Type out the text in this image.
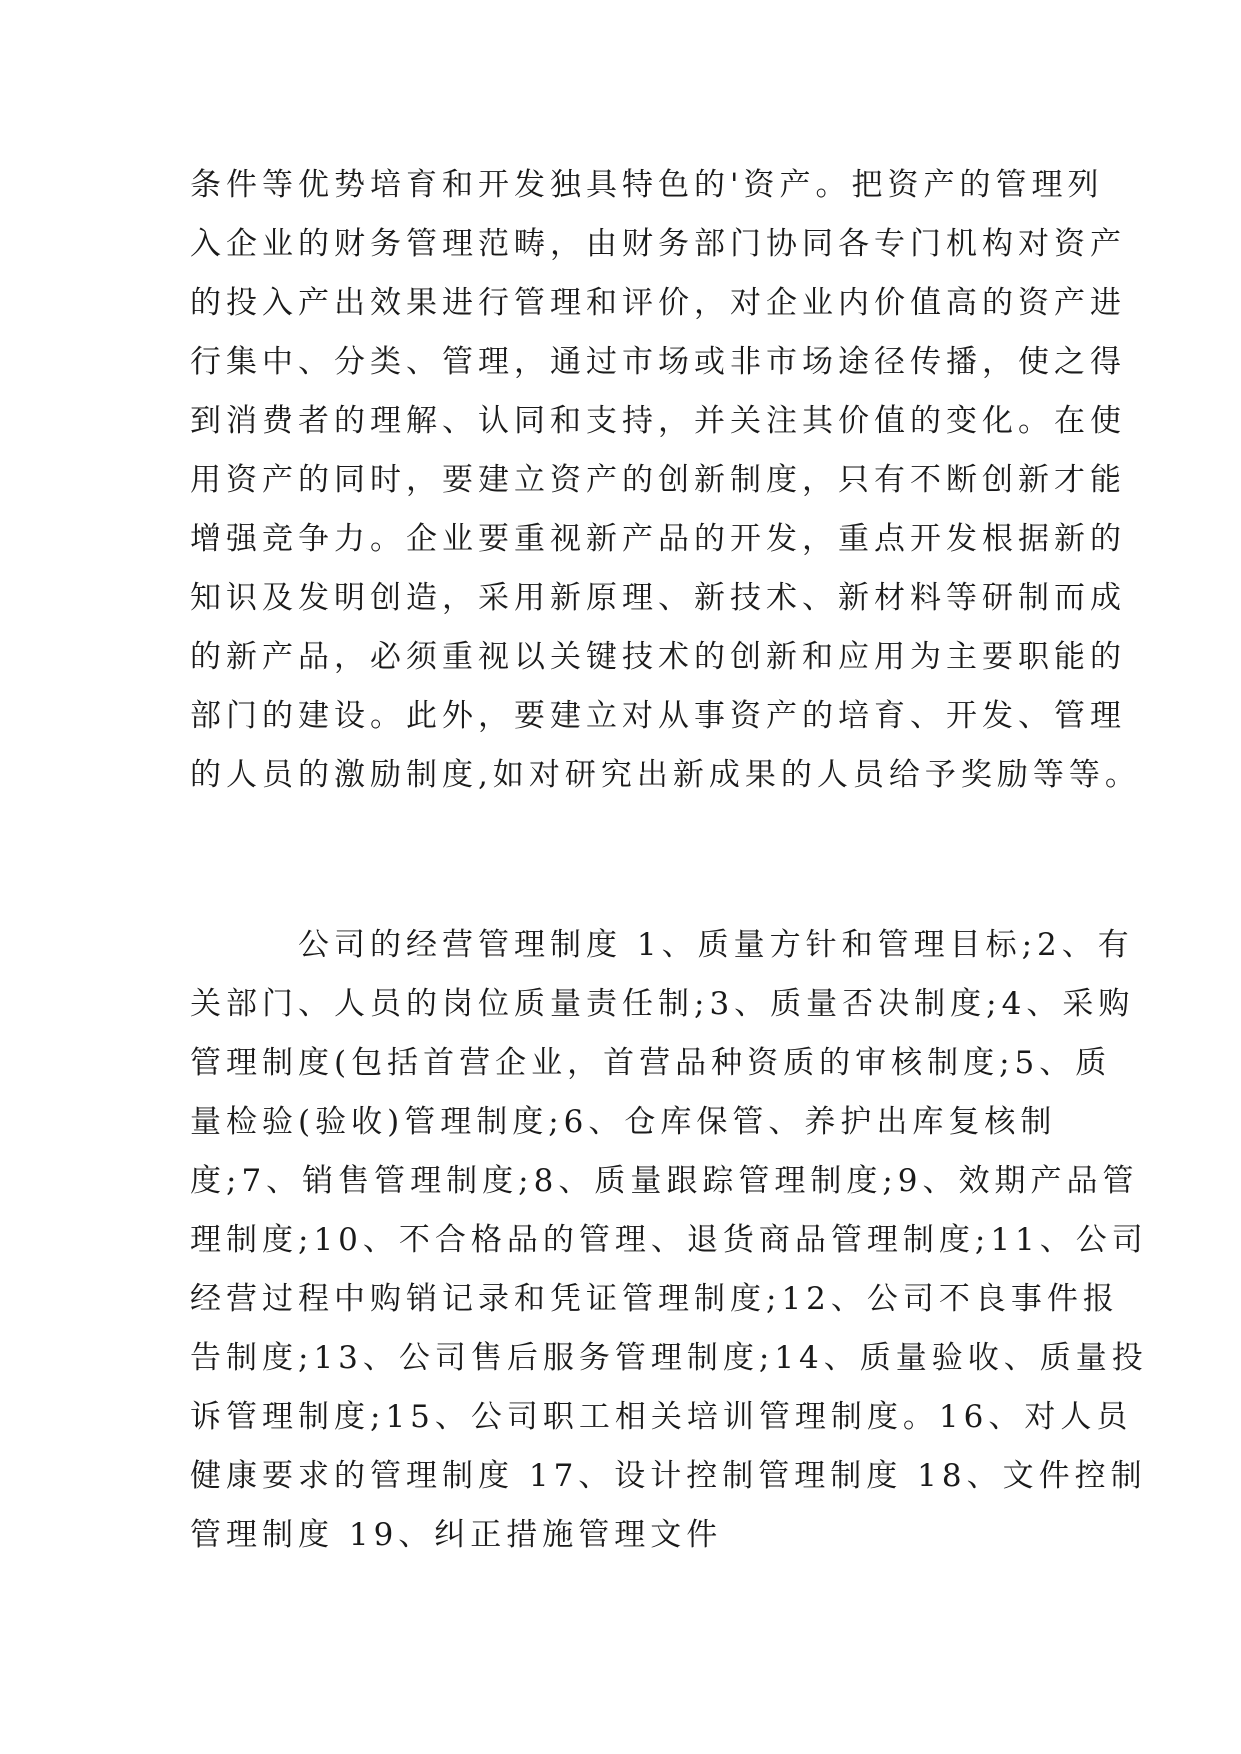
条件等优势培育和开发独具特色的'资产。把资产的管理列
入企业的财务管理范畴，由财务部门协同各专门机构对资产
的投入产出效果进行管理和评价，对企业内价值高的资产进
行集中、分类、管理，通过市场或非市场途径传播，使之得
到消费者的理解、认同和支持，并关注其价值的变化。在使
用资产的同时，要建立资产的创新制度，只有不断创新才能
增强竞争力。企业要重视新产品的开发，重点开发根据新的
知识及发明创造，采用新原理、新技术、新材料等研制而成
的新产品，必须重视以关键技术的创新和应用为主要职能的
部门的建设。此外，要建立对从事资产的培育、开发、管理
的人员的激励制度,如对研究出新成果的人员给予奖励等等。
公司的经营管理制度 1、质量方针和管理目标;2、有
关部门、人员的岗位质量责任制;3、质量否决制度;4、采购
管理制度(包括首营企业，首营品种资质的审核制度;5、质
量检验(验收)管理制度;6、仓库保管、养护出库复核制
度;7、销售管理制度;8、质量跟踪管理制度;9、效期产品管
理制度;10、不合格品的管理、退货商品管理制度;11、公司
经营过程中购销记录和凭证管理制度;12、公司不良事件报
告制度;13、公司售后服务管理制度;14、质量验收、质量投
诉管理制度;15、公司职工相关培训管理制度。16、对人员
健康要求的管理制度 17、设计控制管理制度 18、文件控制
管理制度 19、纠正措施管理文件
